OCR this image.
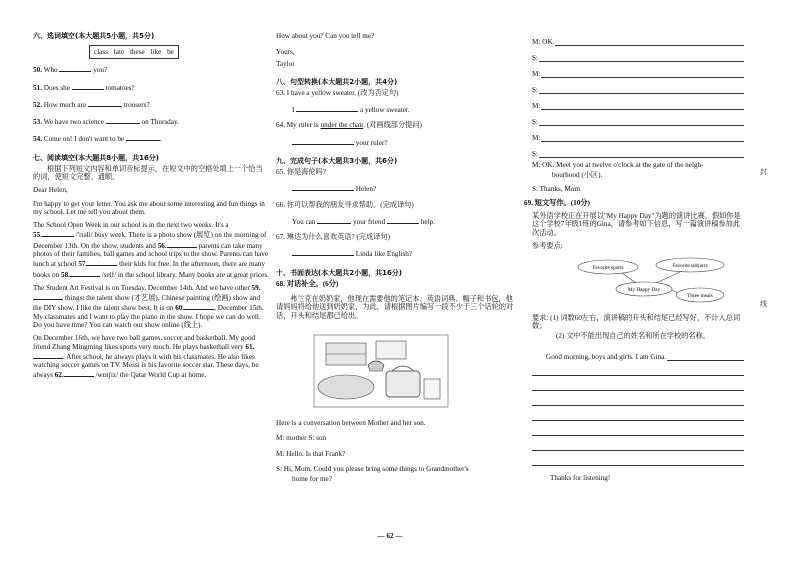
六、选词填空(本大题共5小题，共5分)
class late these like be
50. Who	you?
51. Does she	tomatoes?
52. How much are	trousers?
53. We have two science	on Thursday.
54. Come on! I don't want to be	.
七、阅读填空(本大题共8小题，共16分)
根据下列短文内容和单词音标提示，在短文中的空格处填上一个恰当的词，使短文完整、通顺。
Dear Helen,
I'm happy to get your letter. You ask me about some interesting and fun things in my school. Let me tell you about them.
The School Open Week in our school is in the next two weeks. It's a
55.	/'rɪəli/ busy week. There is a photo show (展览) on the morning of December 13th. On the show, students and 56.	parents can take many photos of their families, ball games and school trips to the show. Parents can have lunch at school 57.	their kids for free. In the afternoon, there are many books on 58.	/self/ in the school library. Many books are at great prices.
The Student Art Festival is on Tuesday, December 14th. And we have other 59. things: the talent show (才艺展), Chinese painting (绘画) show and the DIY show. I like the talent show best. It is on 60.	, December 15th. My classmates and I want to play the piano in the show. I hope we can do well. Do you have time? You can watch our show online (线上).
On December 16th, we have two ball games, soccer and basketball. My good friend Zhang Mingming likes sports very much. He plays basketball very 61.. After school, he always plays it with his classmates. He also likes watching soccer games on TV. Messi is his favorite soccer star. These days, he always 62.	/wɒtʃɪz/ the Qatar World Cup at home.
How about you? Can you tell me?
Yours,
Taylor
八、句型转换(本大题共2小题，共4分)
63. I have a yellow sweater. (改为否定句)
I	a yellow sweater.
64. My ruler is under the chair. (对画线部分提问)
your ruler?
九、完成句子(本大题共3小题，共6分)
65. 你是海伦吗?
Helen?
66. 你可以帮我的朋友寻求帮助。(完成译句)
You can	your friend	help.
67. 琳达为什么喜欢英语? (完成译句)
Linda like English?
十、书面表达(本大题共2小题，共16分)
68. 对话补全。(6分)
弗兰克在奶奶家，他现在需要他的笔记本、英语词典、帽子和书包，他请妈妈将给他送到奶奶家，为此，请根据图片编写一段不少于三个话轮的对话，开头和结尾都已给出。
Here is a conversation between Mother and her son.
M: mother S: son
M: Hello. Is that Frank?
S: Hi, Mom. Could you please bring some things to Grandmother's
home for me?
M: OK.
S:
M:
S:
M:
S:
M:
S:
M: OK. Meet you at twelve o'clock at the gate of the neigh-
bourhood (小区).
S: Thanks, Mom.
69. 短文写作。(10分)
某外语学校正在开展以"My Happy Day"为题的演讲比赛。假如你是这个学校7年级1班的Gina，请参考如下信息，写一篇演讲稿参加此次活动。
参考要点:
Favorite sports	Favorite subjects
My Happy Day
Three meals
要求: (1) 词数60左右，演讲稿的开头和结尾已经写好，不计入总词数；
(2) 文中不能出现自己的姓名和所在学校的名称。
Good morning, boys and girls. I am Gina.
Thanks for listening!
封
线
— 62 —
